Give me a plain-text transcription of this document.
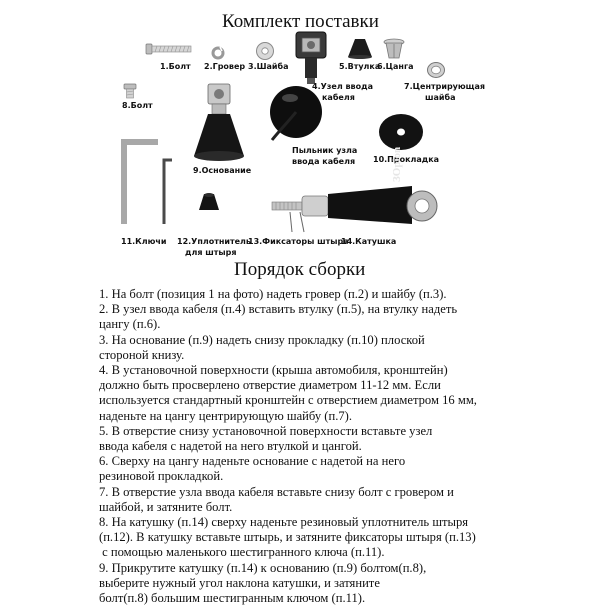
Комплект поставки
1.Болт 2.Гровер 3.Шайба
4.Узел ввода
кабеля
5.Втулка
6.Цанга
7.Центрирующая
шайба
8.Болт
9.Основание
Пыльник узла
ввода кабеля 10.Прокладка
11.Ключи 12.Уплотнитель
для штыря
ЗОрion
13.Фиксаторы штыря
14.Катушка
Порядок сборки
1. На болт (позиция 1 на фото) надеть гровер (п.2) и шайбу (п.3).
2. В узел ввода кабеля (п.4) вставить втулку (п.5), на втулку надеть
цангу (п.6).
3. На основание (п.9) надеть снизу прокладку (п.10) плоской
стороной книзу.
4. В установочной поверхности (крыша автомобиля, кронштейн)
должно быть просверлено отверстие диаметром 11-12 мм. Если
используется стандартный кронштейн с отверстием диаметром 16 мм,
наденьте на цангу центрирующую шайбу (п.7).
5. В отверстие снизу установочной поверхности вставьте узел
ввода кабеля с надетой на него втулкой и цангой.
6. Сверху на цангу наденьте основание с надетой на него
резиновой прокладкой.
7. В отверстие узла ввода кабеля вставьте снизу болт с гровером и
шайбой, и затяните болт.
8. На катушку (п.14) сверху наденьте резиновый уплотнитель штыря
(п.12). В катушку вставьте штырь, и затяните фиксаторы штыря (п.13)
с помощью маленького шестигранного ключа (п.11).
9. Прикрутите катушку (п.14) к основанию (п.9) болтом(п.8),
выберите нужный угол наклона катушки, и затяните
болт(п.8) большим шестигранным ключом (п.11).
